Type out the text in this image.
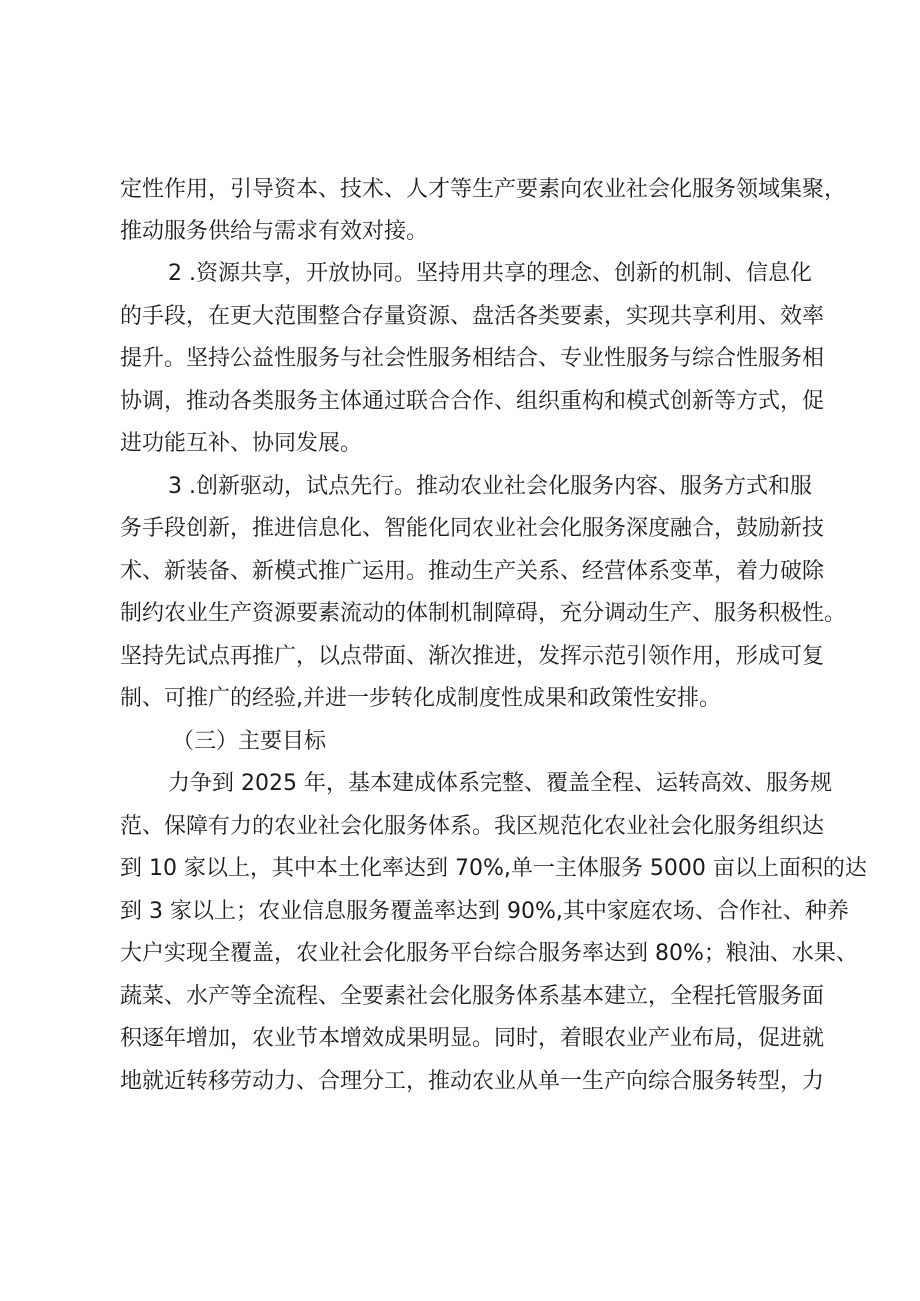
定性作用，引导资本、技术、人才等生产要素向农业社会化服务领域集聚，
推动服务供给与需求有效对接。
2 .资源共享，开放协同。坚持用共享的理念、创新的机制、信息化
的手段，在更大范围整合存量资源、盘活各类要素，实现共享利用、效率
提升。坚持公益性服务与社会性服务相结合、专业性服务与综合性服务相
协调，推动各类服务主体通过联合合作、组织重构和模式创新等方式，促
进功能互补、协同发展。
3 .创新驱动，试点先行。推动农业社会化服务内容、服务方式和服
务手段创新，推进信息化、智能化同农业社会化服务深度融合，鼓励新技
术、新装备、新模式推广运用。推动生产关系、经营体系变革，着力破除
制约农业生产资源要素流动的体制机制障碍，充分调动生产、服务积极性。
坚持先试点再推广，以点带面、渐次推进，发挥示范引领作用，形成可复
制、可推广的经验,并进一步转化成制度性成果和政策性安排。
（三）主要目标
力争到 2025 年，基本建成体系完整、覆盖全程、运转高效、服务规
范、保障有力的农业社会化服务体系。我区规范化农业社会化服务组织达
到 10 家以上，其中本土化率达到 70%,单一主体服务 5000 亩以上面积的达
到 3 家以上；农业信息服务覆盖率达到 90%,其中家庭农场、合作社、种养
大户实现全覆盖，农业社会化服务平台综合服务率达到 80%；粮油、水果、
蔬菜、水产等全流程、全要素社会化服务体系基本建立，全程托管服务面
积逐年增加，农业节本增效成果明显。同时，着眼农业产业布局，促进就
地就近转移劳动力、合理分工，推动农业从单一生产向综合服务转型，力
